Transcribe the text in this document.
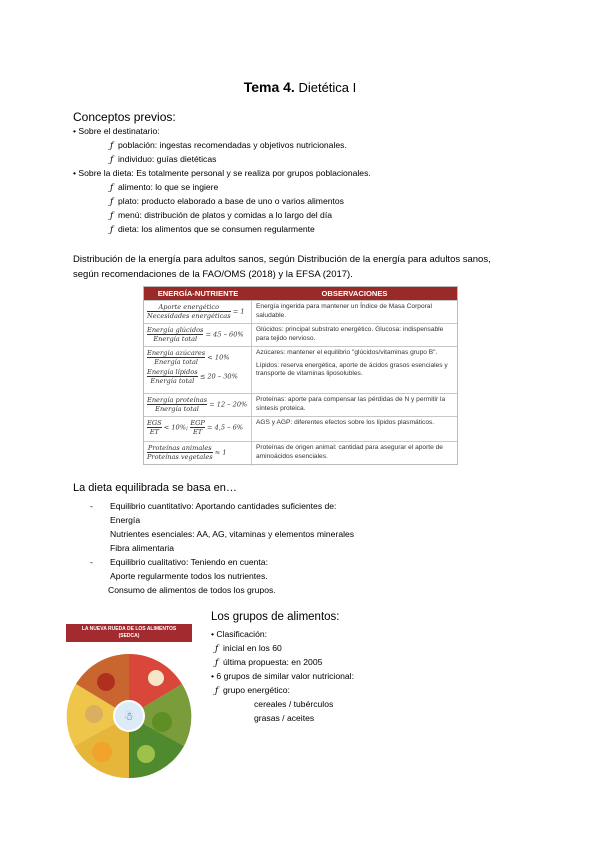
Tema 4. Dietética I
Conceptos previos:
• Sobre el destinatario:
ƒ población: ingestas recomendadas y objetivos nutricionales.
ƒ individuo: guías dietéticas
• Sobre la dieta: Es totalmente personal y se realiza por grupos poblacionales.
ƒ alimento: lo que se ingiere
ƒ plato: producto elaborado a base de uno o varios alimentos
ƒ menú: distribución de platos y comidas a lo largo del día
ƒ dieta: los alimentos que se consumen regularmente
Distribución de la energía para adultos sanos, según Distribución de la energía para adultos sanos,
según recomendaciones de la FAO/OMS (2018) y la EFSA (2017).
ENERGÍA-NUTRIENTE	OBSERVACIONES
$\frac{\text{Aporte energético}}{\text{Necesidades energéticas}} = 1$
Energía ingerida para mantener un Índice de Masa Corporal saludable.
$\frac{\text{Energía glúcidos}}{\text{Energía total}} = 45 - 60\%$
Glúcidos: principal substrato energético. Glucosa: indispensable para tejido nervioso.
$\frac{\text{Energía azúcares}}{\text{Energía total}} < 10\%$
$\frac{\text{Energía lípidos}}{\text{Energía total}} \le 20 - 30\%$
Azúcares: mantener el equilibrio "glúcidos/vitaminas grupo B".
Lípidos: reserva energética, aporte de ácidos grasos esenciales y transporte de vitaminas liposolubles.
$\frac{\text{Energía proteínas}}{\text{Energía total}} = 12 - 20\%$
Proteínas: aporte para compensar las pérdidas de N y permitir la síntesis proteica.
$\frac{\text{EGS}}{ET} < 10\%$; $\frac{\text{EGP}}{ET} = 4,5 - 6\%$
AGS y AGP: diferentes efectos sobre los lípidos plasmáticos.
$\frac{\text{Proteínas animales}}{\text{Proteínas vegetales}} \approx 1$
Proteínas de origen animal: cantidad para asegurar el aporte de aminoácidos esenciales.
La dieta equilibrada se basa en…
- Equilibrio cuantitativo: Aportando cantidades suficientes de:
Energía
Nutrientes esenciales: AA, AG, vitaminas y elementos minerales
Fibra alimentaria
- Equilibrio cualitativo: Teniendo en cuenta:
Aporte regularmente todos los nutrientes.
Consumo de alimentos de todos los grupos.
LA NUEVA RUEDA DE LOS ALIMENTOS
(SEDCA)
☃
Los grupos de alimentos:
• Clasificación:
ƒ inicial en los 60
ƒ última propuesta: en 2005
• 6 grupos de similar valor nutricional:
ƒ grupo energético:
cereales / tubérculos
grasas / aceites
